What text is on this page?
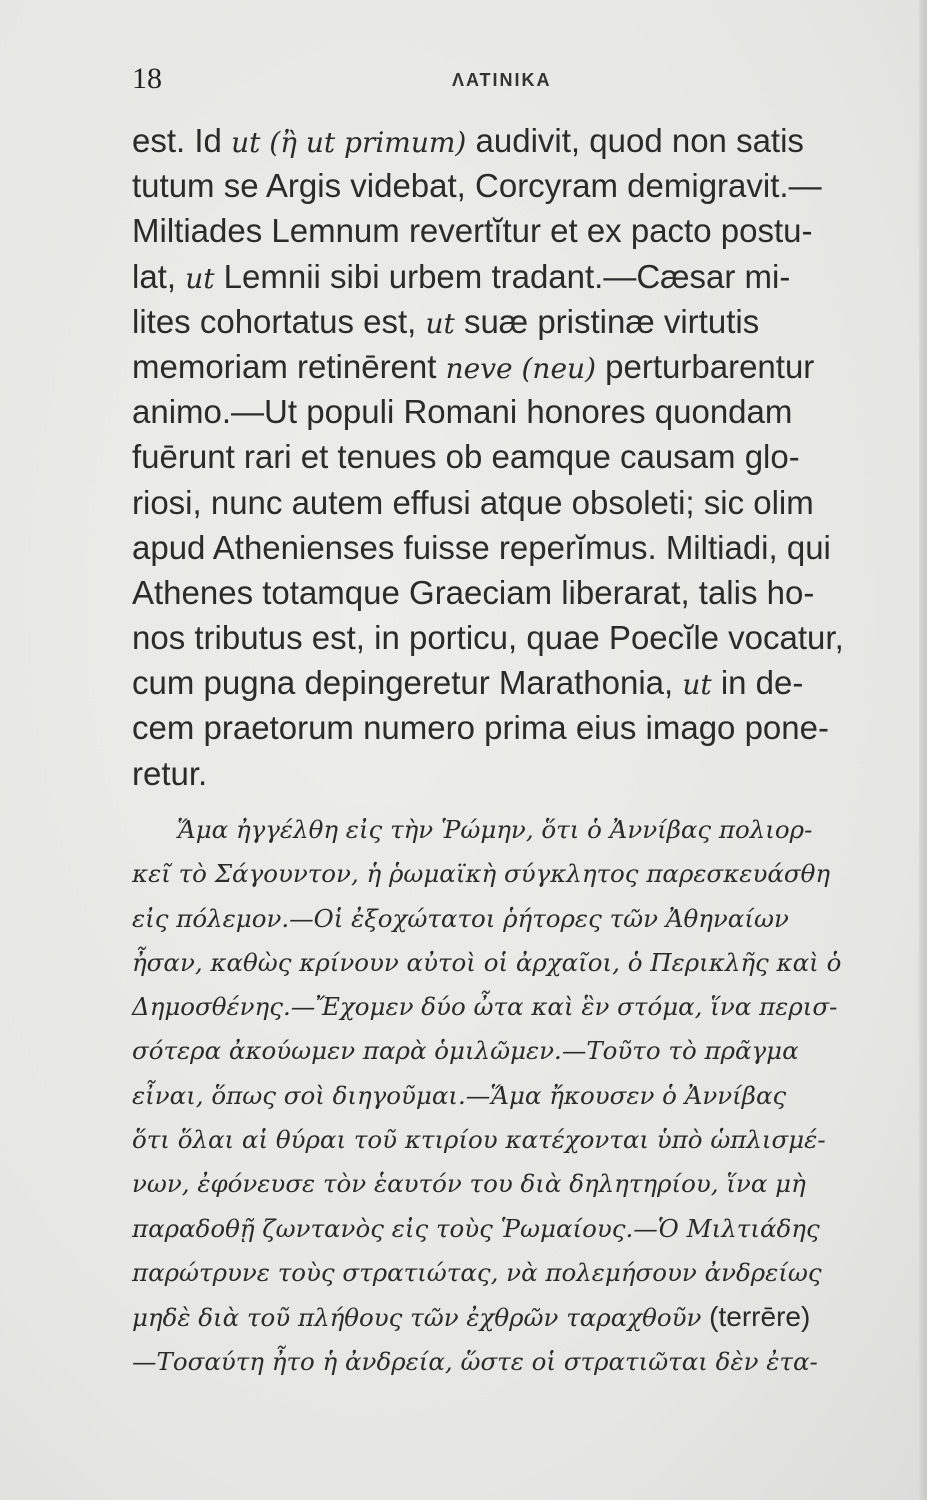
18	ΛΑΤΙΝΙΚΑ
est. Id ut (ἢ ut primum) audivit, quod non satis
tutum se Argis videbat, Corcyram demigravit.—
Miltiades Lemnum revertĭtur et ex pacto postu-
lat, ut Lemnii sibi urbem tradant.—Cæsar mi-
lites cohortatus est, ut suæ pristinæ virtutis
memoriam retinērent neve (neu) perturbarentur
animo.—Ut populi Romani honores quondam
fuērunt rari et tenues ob eamque causam glo-
riosi, nunc autem effusi atque obsoleti; sic olim
apud Athenienses fuisse reperĭmus. Miltiadi, qui
Athenes totamque Graeciam liberarat, talis ho-
nos tributus est, in porticu, quae Poecĭle vocatur,
cum pugna depingeretur Marathonia, ut in de-
cem praetorum numero prima eius imago pone-
retur.
Ἅμα ἠγγέλθη εἰς τὴν Ῥώμην, ὅτι ὁ Ἀννίβας πολιορ-
κεῖ τὸ Σάγουντον, ἡ ῥωμαϊκὴ σύγκλητος παρεσκευάσθη
εἰς πόλεμον.—Οἱ ἐξοχώτατοι ῥήτορες τῶν Ἀθηναίων
ἦσαν, καθὼς κρίνουν αὐτοὶ οἱ ἀρχαῖοι, ὁ Περικλῆς καὶ ὁ
Δημοσθένης.—Ἔχομεν δύο ὦτα καὶ ἓν στόμα, ἵνα περισ-
σότερα ἀκούωμεν παρὰ ὁμιλῶμεν.—Τοῦτο τὸ πρᾶγμα
εἶναι, ὅπως σοὶ διηγοῦμαι.—Ἅμα ἤκουσεν ὁ Ἀννίβας
ὅτι ὅλαι αἱ θύραι τοῦ κτιρίου κατέχονται ὑπὸ ὡπλισμέ-
νων, ἐφόνευσε τὸν ἑαυτόν του διὰ δηλητηρίου, ἵνα μὴ
παραδοθῇ ζωντανὸς εἰς τοὺς Ῥωμαίους.—Ὁ Μιλτιάδης
παρώτρυνε τοὺς στρατιώτας, νὰ πολεμήσουν ἀνδρείως
μηδὲ διὰ τοῦ πλήθους τῶν ἐχθρῶν ταραχθοῦν (terrēre)
—Τοσαύτη ἦτο ἡ ἀνδρεία, ὥστε οἱ στρατιῶται δὲν ἐτα-
